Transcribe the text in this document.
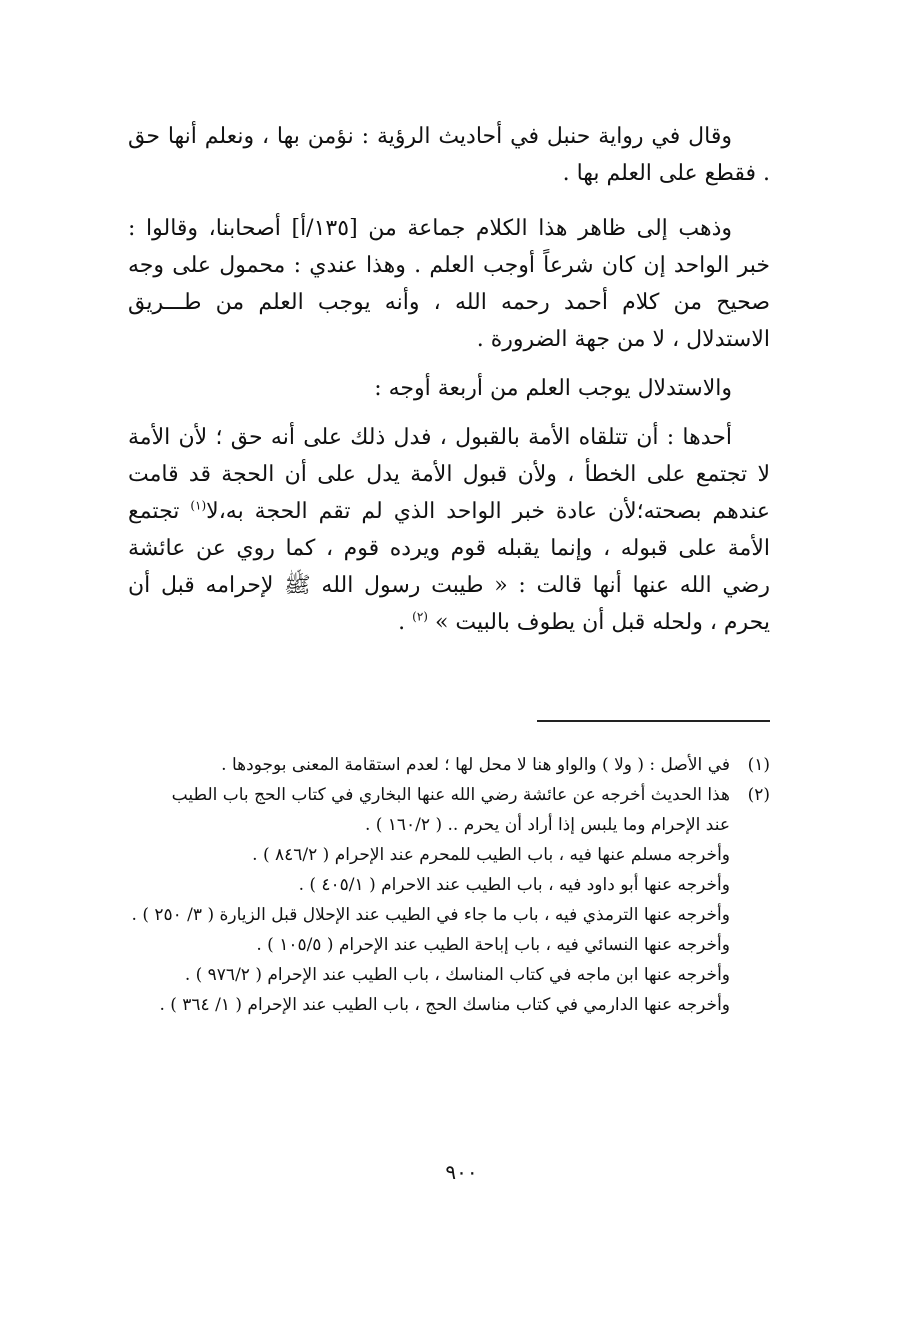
وقال في رواية حنبل في أحاديث الرؤية : نؤمن بها ، ونعلم أنها حق . فقطع على العلم بها .

وذهب إلى ظاهر هذا الكلام جماعة من [١٣٥/أ] أصحابنا، وقالوا : خبر الواحد إن كان شرعاً أوجب العلم . وهذا عندي : محمول على وجه صحيح من كلام أحمد رحمه الله ، وأنه يوجب العلم من طـــريق الاستدلال ، لا من جهة الضرورة .

والاستدلال يوجب العلم من أربعة أوجه :

أحدها : أن تتلقاه الأمة بالقبول ، فدل ذلك على أنه حق ؛ لأن الأمة لا تجتمع على الخطأ ، ولأن قبول الأمة يدل على أن الحجة قد قامت عندهم بصحته؛لأن عادة خبر الواحد الذي لم تقم الحجة به،لا$^{(١)}$ تجتمع الأمة على قبوله ، وإنما يقبله قوم ويرده قوم ، كما روي عن عائشة رضي الله عنها أنها قالت : « طيبت رسول الله ﷺ لإحرامه قبل أن يحرم ، ولحله قبل أن يطوف بالبيت » $^{(٢)}$ .

(١)
في الأصل : ( ولا ) والواو هنا لا محل لها ؛ لعدم استقامة المعنى بوجودها .
(٢)
هذا الحديث أخرجه عن عائشة رضي الله عنها البخاري في كتاب الحج باب الطيب
عند الإحرام وما يلبس إذا أراد أن يحرم .. ( ١٦٠/٢ ) .
وأخرجه مسلم عنها فيه ، باب الطيب للمحرم عند الإحرام ( ٨٤٦/٢ ) .
وأخرجه عنها أبو داود فيه ، باب الطيب عند الاحرام ( ٤٠٥/١ ) .
وأخرجه عنها الترمذي فيه ، باب ما جاء في الطيب عند الإحلال قبل الزيارة ( ٣/ ٢٥٠ ) .
وأخرجه عنها النسائي فيه ، باب إباحة الطيب عند الإحرام ( ١٠٥/٥ ) .
وأخرجه عنها ابن ماجه في كتاب المناسك ، باب الطيب عند الإحرام ( ٩٧٦/٢ ) .
وأخرجه عنها الدارمي في كتاب مناسك الحج ، باب الطيب عند الإحرام ( ١/ ٣٦٤ ) .
٩٠٠
